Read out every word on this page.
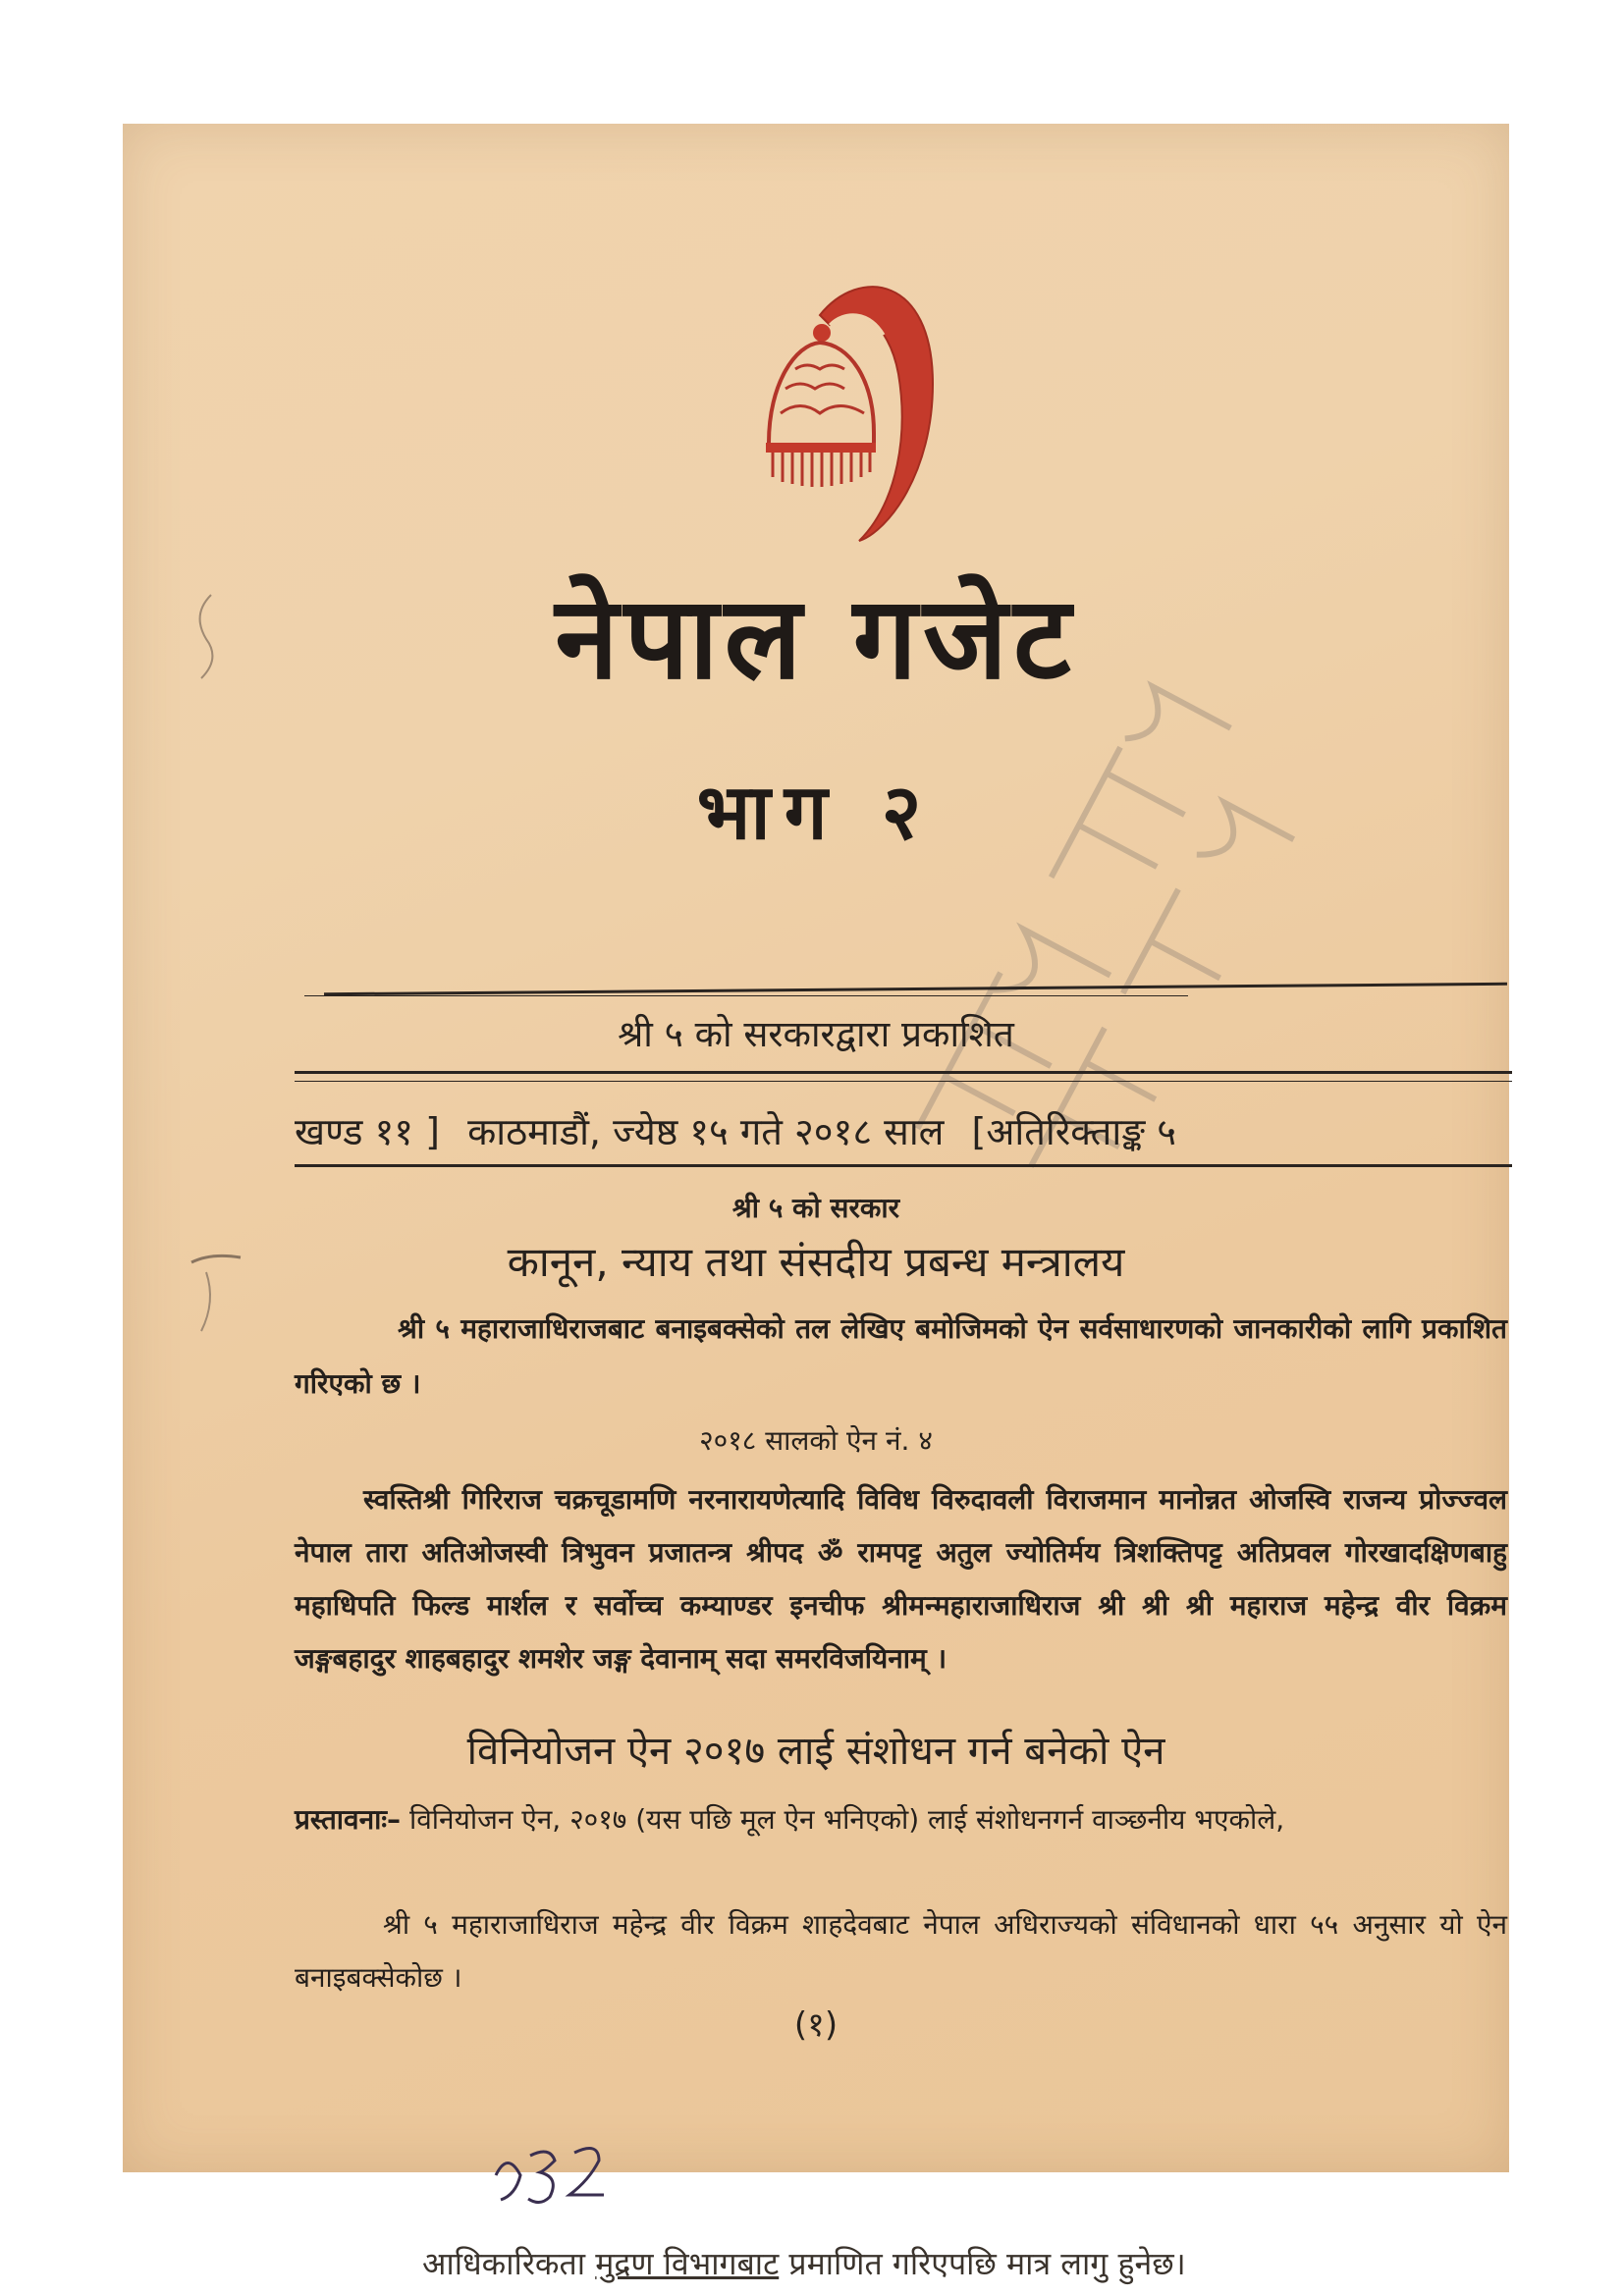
नेपाल गजेट
भाग २
श्री ५ को सरकारद्वारा प्रकाशित
खण्ड ११ ] काठमाडौं, ज्येष्ठ १५ गते २०१८ साल [अतिरिक्ताङ्क ५
श्री ५ को सरकार
कानून, न्याय तथा संसदीय प्रबन्ध मन्त्रालय
श्री ५ महाराजाधिराजबाट बनाइबक्सेको तल लेखिए बमोजिमको ऐन सर्वसाधारणको जानकारीको लागि प्रकाशित गरिएको छ ।
२०१८ सालको ऐन नं. ४
स्वस्तिश्री गिरिराज चक्रचूडामणि नरनारायणेत्यादि विविध विरुदावली विराजमान मानोन्नत ओजस्वि राजन्य प्रोज्ज्वल नेपाल तारा अतिओजस्वी त्रिभुवन प्रजातन्त्र श्रीपद ॐ रामपट्ट अतुल ज्योतिर्मय त्रिशक्तिपट्ट अतिप्रवल गोरखादक्षिणबाहु महाधिपति फिल्ड मार्शल र सर्वोच्च कम्याण्डर इनचीफ श्रीमन्महाराजाधिराज श्री श्री श्री महाराज महेन्द्र वीर विक्रम जङ्गबहादुर शाहबहादुर शमशेर जङ्ग देवानाम् सदा समरविजयिनाम् ।
विनियोजन ऐन २०१७ लाई संशोधन गर्न बनेको ऐन
प्रस्तावनाः– विनियोजन ऐन, २०१७ (यस पछि मूल ऐन भनिएको) लाई संशोधनगर्न वाञ्छनीय भएकोले,
श्री ५ महाराजाधिराज महेन्द्र वीर विक्रम शाहदेवबाट नेपाल अधिराज्यको संविधानको धारा ५५ अनुसार यो ऐन बनाइबक्सेकोछ ।
(१)
आधिकारिकता मुद्रण विभागबाट प्रमाणित गरिएपछि मात्र लागु हुनेछ।
